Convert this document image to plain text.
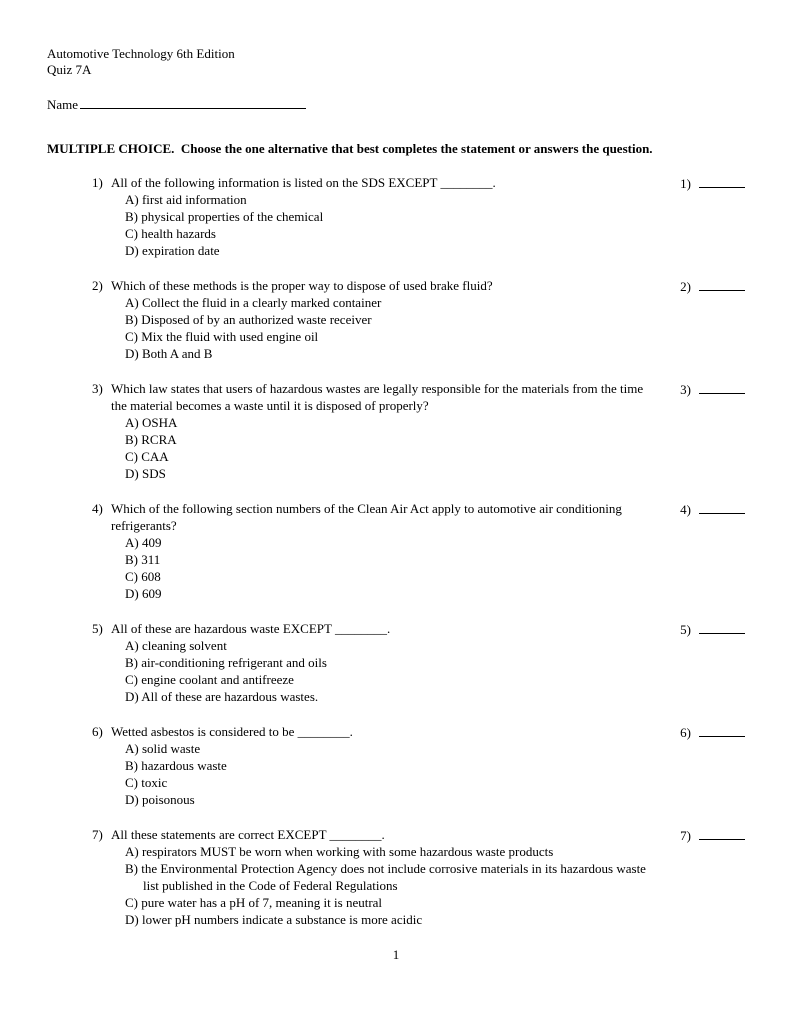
Automotive Technology 6th Edition
Quiz 7A
Name
MULTIPLE CHOICE.  Choose the one alternative that best completes the statement or answers the question.
1) All of the following information is listed on the SDS EXCEPT ________.
A) first aid information
B) physical properties of the chemical
C) health hazards
D) expiration date
1)
2) Which of these methods is the proper way to dispose of used brake fluid?
A) Collect the fluid in a clearly marked container
B) Disposed of by an authorized waste receiver
C) Mix the fluid with used engine oil
D) Both A and B
2)
3) Which law states that users of hazardous wastes are legally responsible for the materials from the time the material becomes a waste until it is disposed of properly?
A) OSHA
B) RCRA
C) CAA
D) SDS
3)
4) Which of the following section numbers of the Clean Air Act apply to automotive air conditioning refrigerants?
A) 409
B) 311
C) 608
D) 609
4)
5) All of these are hazardous waste EXCEPT ________.
A) cleaning solvent
B) air-conditioning refrigerant and oils
C) engine coolant and antifreeze
D) All of these are hazardous wastes.
5)
6) Wetted asbestos is considered to be ________.
A) solid waste
B) hazardous waste
C) toxic
D) poisonous
6)
7) All these statements are correct EXCEPT ________.
A) respirators MUST be worn when working with some hazardous waste products
B) the Environmental Protection Agency does not include corrosive materials in its hazardous waste list published in the Code of Federal Regulations
C) pure water has a pH of 7, meaning it is neutral
D) lower pH numbers indicate a substance is more acidic
7)
1
